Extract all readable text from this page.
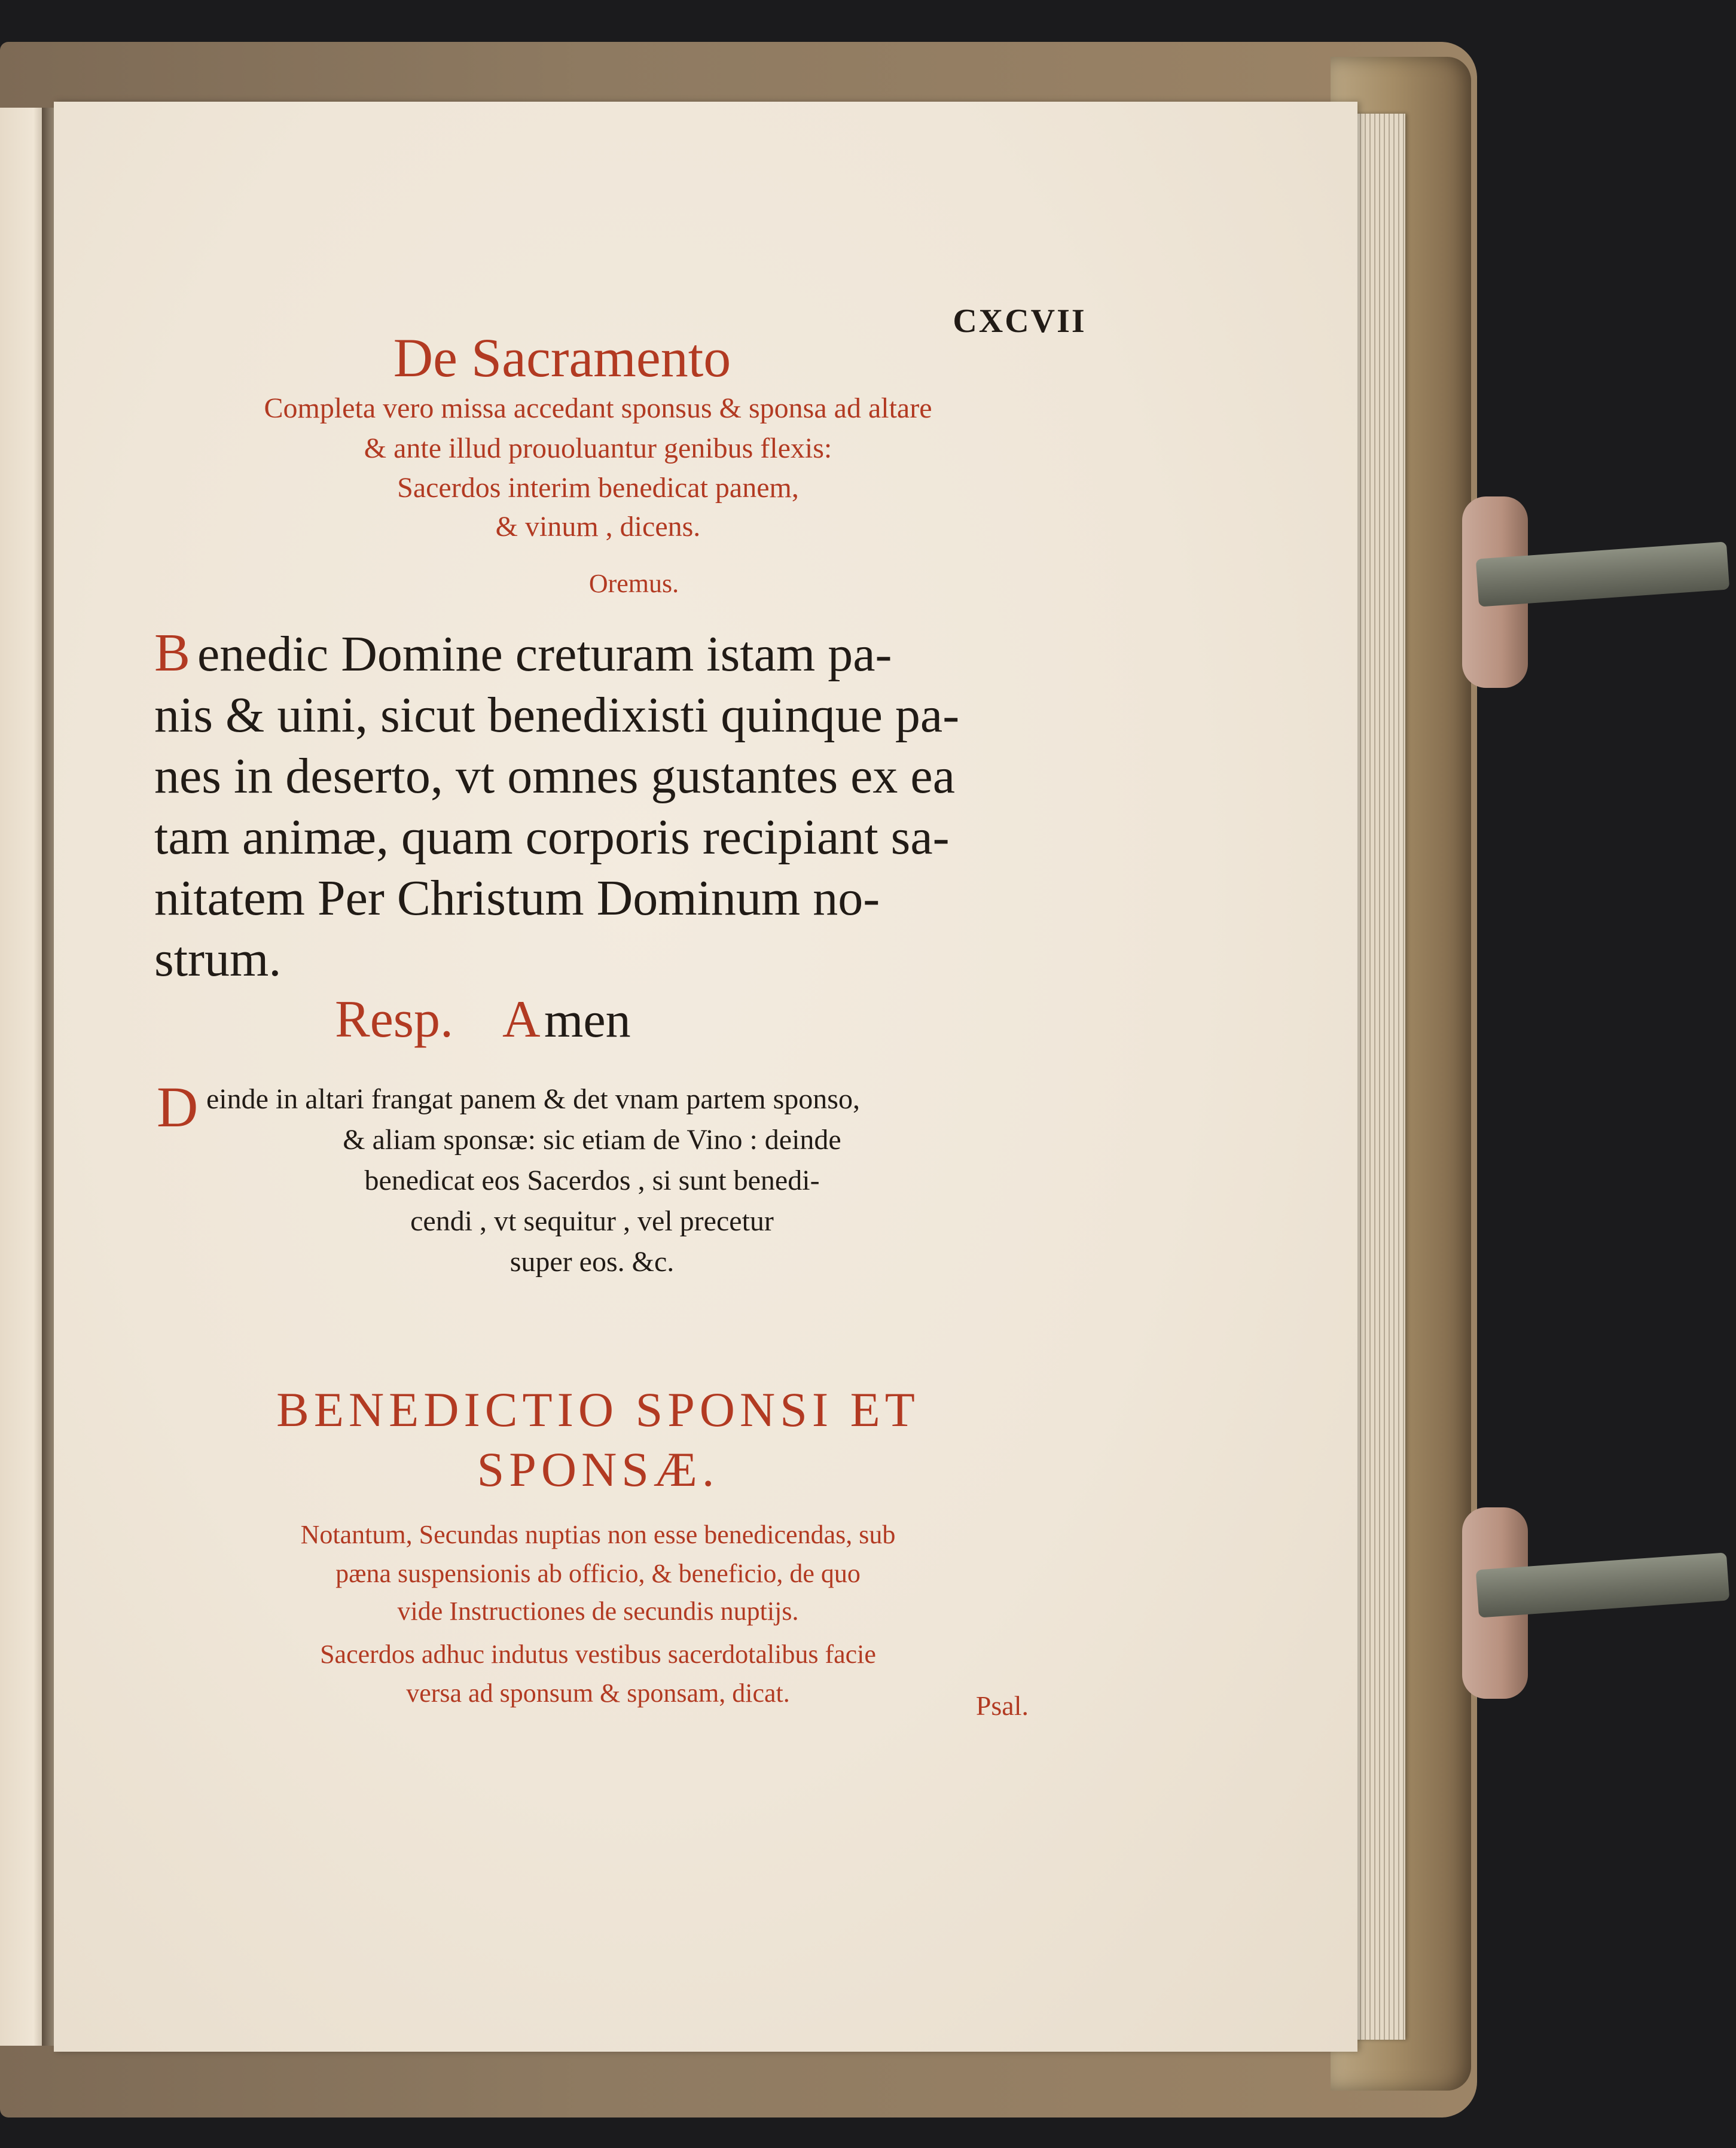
CXCVII
De Sacramento
Completa vero missa accedant sponsus & sponsa ad altare
& ante illud prouoluantur genibus flexis:
Sacerdos interim benedicat panem,
& vinum , dicens.
Oremus.
B enedic Domine creturam istam pa-
nis & uini, sicut benedixisti quinque pa-
nes in deserto, vt omnes gustantes ex ea
tam animæ, quam corporis recipiant sa-
nitatem Per Christum Dominum no-
strum.
Resp. A men
D einde in altari frangat panem & det vnam partem sponso,
& aliam sponsæ: sic etiam de Vino : deinde
benedicat eos Sacerdos , si sunt benedi-
cendi , vt sequitur , vel precetur
super eos. &c.
BENEDICTIO SPONSI ET
SPONSÆ.
Notantum, Secundas nuptias non esse benedicendas, sub
pæna suspensionis ab officio, & beneficio, de quo
vide Instructiones de secundis nuptijs.
Sacerdos adhuc indutus vestibus sacerdotalibus facie
versa ad sponsum & sponsam, dicat.	Psal.
